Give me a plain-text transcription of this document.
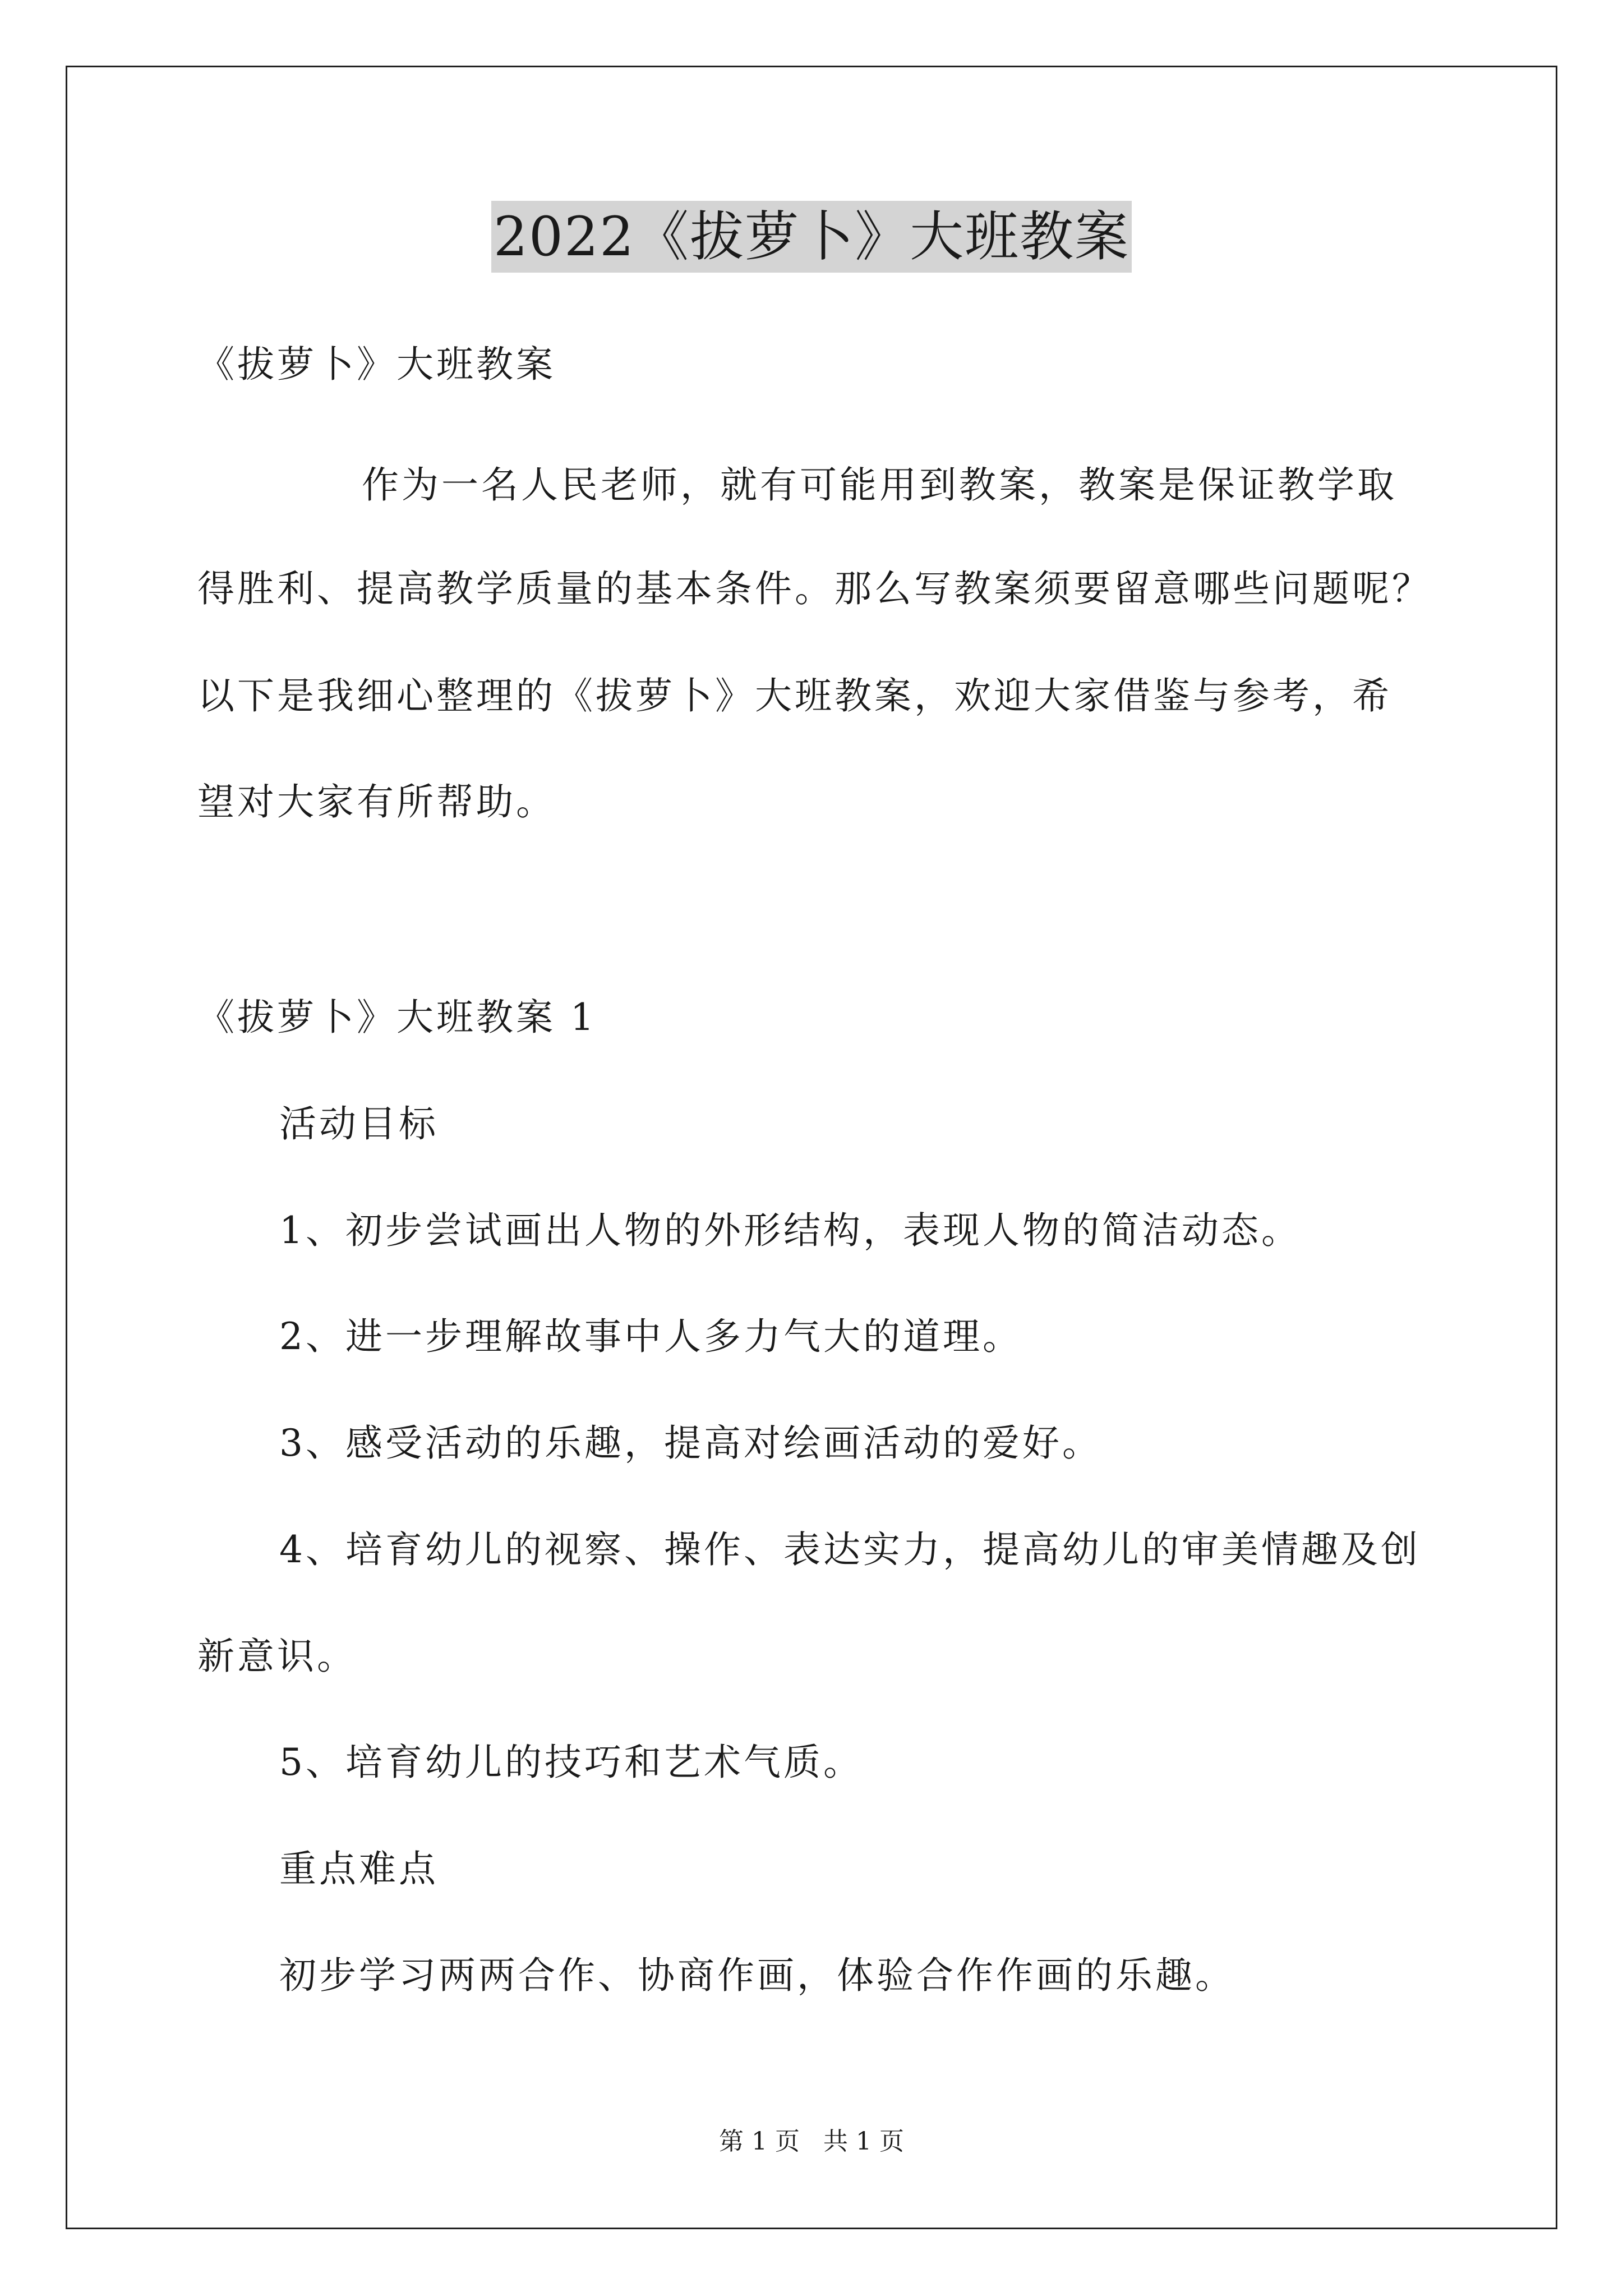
2022《拔萝卜》大班教案
《拔萝卜》大班教案
作为一名人民老师，就有可能用到教案，教案是保证教学取
得胜利、提高教学质量的基本条件。那么写教案须要留意哪些问题呢？
以下是我细心整理的《拔萝卜》大班教案，欢迎大家借鉴与参考，希
望对大家有所帮助。
《拔萝卜》大班教案 1
活动目标
1、初步尝试画出人物的外形结构，表现人物的简洁动态。
2、进一步理解故事中人多力气大的道理。
3、感受活动的乐趣，提高对绘画活动的爱好。
4、培育幼儿的视察、操作、表达实力，提高幼儿的审美情趣及创
新意识。
5、培育幼儿的技巧和艺术气质。
重点难点
初步学习两两合作、协商作画，体验合作作画的乐趣。
第 1 页   共 1 页
